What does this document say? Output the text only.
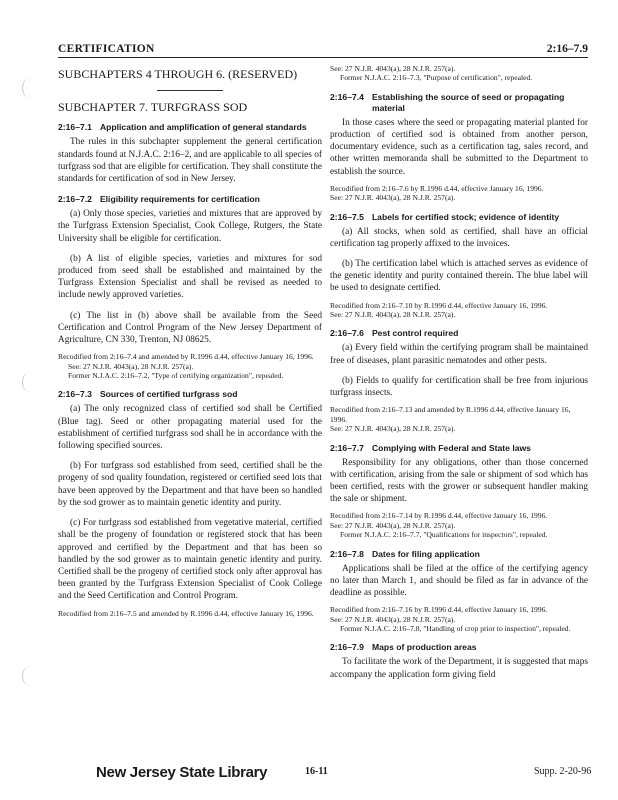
CERTIFICATION	2:16–7.9
SUBCHAPTERS 4 THROUGH 6. (RESERVED)
SUBCHAPTER 7. TURFGRASS SOD
2:16–7.1 Application and amplification of general standards

The rules in this subchapter supplement the general certification standards found at N.J.A.C. 2:16–2, and are applicable to all species of turfgrass sod that are eligible for certification. They shall constitute the standards for certification of sod in New Jersey.

2:16–7.2 Eligibility requirements for certification

(a) Only those species, varieties and mixtures that are approved by the Turfgrass Extension Specialist, Cook College, Rutgers, the State University shall be eligible for certification.

(b) A list of eligible species, varieties and mixtures for sod produced from seed shall be established and maintained by the Turfgrass Extension Specialist and shall be revised as needed to include newly approved varieties.

(c) The list in (b) above shall be available from the Seed Certification and Control Program of the New Jersey Department of Agriculture, CN 330, Trenton, NJ 08625.

Recodified from 2:16–7.4 and amended by R.1996 d.44, effective January 16, 1996.
See: 27 N.J.R. 4043(a), 28 N.J.R. 257(a).
Former N.J.A.C. 2:16–7.2, "Type of certifying organization", repealed.
2:16–7.3 Sources of certified turfgrass sod

(a) The only recognized class of certified sod shall be Certified (Blue tag). Seed or other propagating material used for the establishment of certified turfgrass sod shall be in accordance with the following specified sources.

(b) For turfgrass sod established from seed, certified shall be the progeny of sod quality foundation, registered or certified seed lots that have been approved by the Department and that have been so handled by the sod grower as to maintain genetic identity and purity.

(c) For turfgrass sod established from vegetative material, certified shall be the progeny of foundation or registered stock that has been approved and certified by the Department and that has been so handled by the sod grower as to maintain genetic identity and purity. Certified shall be the progeny of certified stock only after approval has been granted by the Turfgrass Extension Specialist of Cook College and the Seed Certification and Control Program.

Recodified from 2:16–7.5 and amended by R.1996 d.44, effective January 16, 1996.
See: 27 N.J.R. 4043(a), 28 N.J.R. 257(a).
Former N.J.A.C. 2:16–7.3, "Purpose of certification", repealed.
2:16–7.4 Establishing the source of seed or propagating material

In those cases where the seed or propagating material planted for production of certified sod is obtained from another person, documentary evidence, such as a certification tag, sales record, and other written memoranda shall be submitted to the Department to establish the source.

Recodified from 2:16–7.6 by R.1996 d.44, effective January 16, 1996.
See: 27 N.J.R. 4043(a), 28 N.J.R. 257(a).
2:16–7.5 Labels for certified stock; evidence of identity

(a) All stocks, when sold as certified, shall have an official certification tag properly affixed to the invoices.

(b) The certification label which is attached serves as evidence of the genetic identity and purity contained therein. The blue label will be used to designate certified.

Recodified from 2:16–7.10 by R.1996 d.44, effective January 16, 1996.
See: 27 N.J.R. 4043(a), 28 N.J.R. 257(a).
2:16–7.6 Pest control required

(a) Every field within the certifying program shall be maintained free of diseases, plant parasitic nematodes and other pests.

(b) Fields to qualify for certification shall be free from injurious turfgrass insects.

Recodified from 2:16–7.13 and amended by R.1996 d.44, effective January 16, 1996.
See: 27 N.J.R. 4043(a), 28 N.J.R. 257(a).
2:16–7.7 Complying with Federal and State laws

Responsibility for any obligations, other than those concerned with certification, arising from the sale or shipment of sod which has been certified, rests with the grower or subsequent handler making the sale or shipment.

Recodified from 2:16–7.14 by R.1996 d.44, effective January 16, 1996.
See: 27 N.J.R. 4043(a), 28 N.J.R. 257(a).
Former N.J.A.C. 2:16–7.7, "Qualifications for inspectors", repealed.
2:16–7.8 Dates for filing application

Applications shall be filed at the office of the certifying agency no later than March 1, and should be filed as far in advance of the deadline as possible.

Recodified from 2:16–7.16 by R.1996 d.44, effective January 16, 1996.
See: 27 N.J.R. 4043(a), 28 N.J.R. 257(a).
Former N.J.A.C. 2:16–7.8, "Handling of crop prior to inspection", repealed.
2:16–7.9 Maps of production areas

To facilitate the work of the Department, it is suggested that maps accompany the application form giving field

New Jersey State Library	16-11	Supp. 2-20-96
